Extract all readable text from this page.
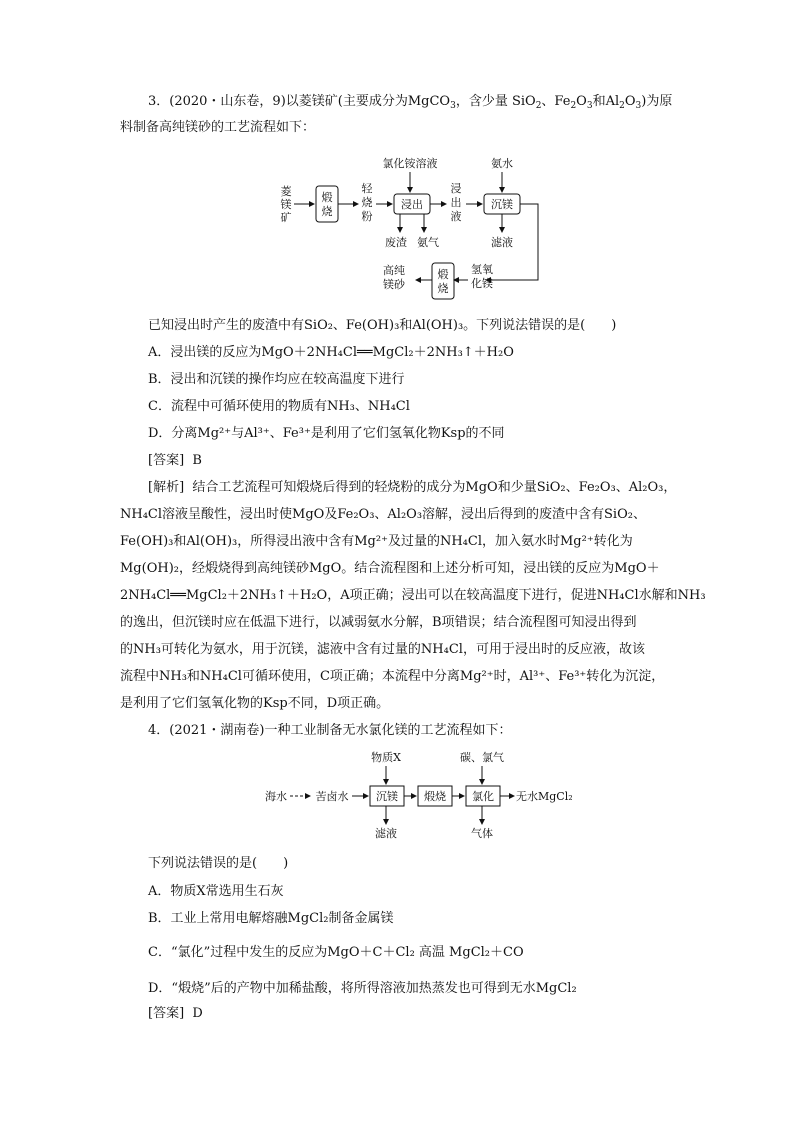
3．(2020・山东卷，9)以菱镁矿(主要成分为MgCO$_3$，含少量 SiO$_2$、$Fe_2O_3$和$Al_2O_3$)为原
料制备高纯镁砂的工艺流程如下：
菱
镁
矿
煅
烧
轻
烧
粉
氯化铵溶液
浸出
废渣 氨气
浸
出
液
氨水
沉镁
滤液
氢氧
化镁
煅
烧
高纯
镁砂
已知浸出时产生的废渣中有SiO₂、Fe(OH)₃和Al(OH)₃。下列说法错误的是(　　)
A．浸出镁的反应为MgO＋2NH₄Cl══MgCl₂＋2NH₃↑＋H₂O
B．浸出和沉镁的操作均应在较高温度下进行
C．流程中可循环使用的物质有NH₃、NH₄Cl
D．分离Mg²⁺与Al³⁺、Fe³⁺是利用了它们氢氧化物Ksp的不同
[答案] B
[解析] 结合工艺流程可知煅烧后得到的轻烧粉的成分为MgO和少量SiO₂、Fe₂O₃、Al₂O₃，
NH₄Cl溶液呈酸性，浸出时使MgO及Fe₂O₃、Al₂O₃溶解，浸出后得到的废渣中含有SiO₂、
Fe(OH)₃和Al(OH)₃，所得浸出液中含有Mg²⁺及过量的NH₄Cl，加入氨水时Mg²⁺转化为
Mg(OH)₂，经煅烧得到高纯镁砂MgO。结合流程图和上述分析可知，浸出镁的反应为MgO＋
2NH₄Cl══MgCl₂＋2NH₃↑＋H₂O，A项正确；浸出可以在较高温度下进行，促进NH₄Cl水解和NH₃
的逸出，但沉镁时应在低温下进行，以减弱氨水分解，B项错误；结合流程图可知浸出得到
的NH₃可转化为氨水，用于沉镁，滤液中含有过量的NH₄Cl，可用于浸出时的反应液，故该
流程中NH₃和NH₄Cl可循环使用，C项正确；本流程中分离Mg²⁺时，Al³⁺、Fe³⁺转化为沉淀，
是利用了它们氢氧化物的Ksp不同，D项正确。
4．(2021・湖南卷)一种工业制备无水氯化镁的工艺流程如下：
海水	苦卤水
物质X
沉镁
滤液
煅烧
碳、氯气
氯化
气体
无水MgCl₂
下列说法错误的是(　　)
A．物质X常选用生石灰
B．工业上常用电解熔融MgCl₂制备金属镁
C．“氯化”过程中发生的反应为MgO＋C＋Cl₂ 高温 MgCl₂＋CO
D．“煅烧”后的产物中加稀盐酸，将所得溶液加热蒸发也可得到无水MgCl₂
[答案] D
